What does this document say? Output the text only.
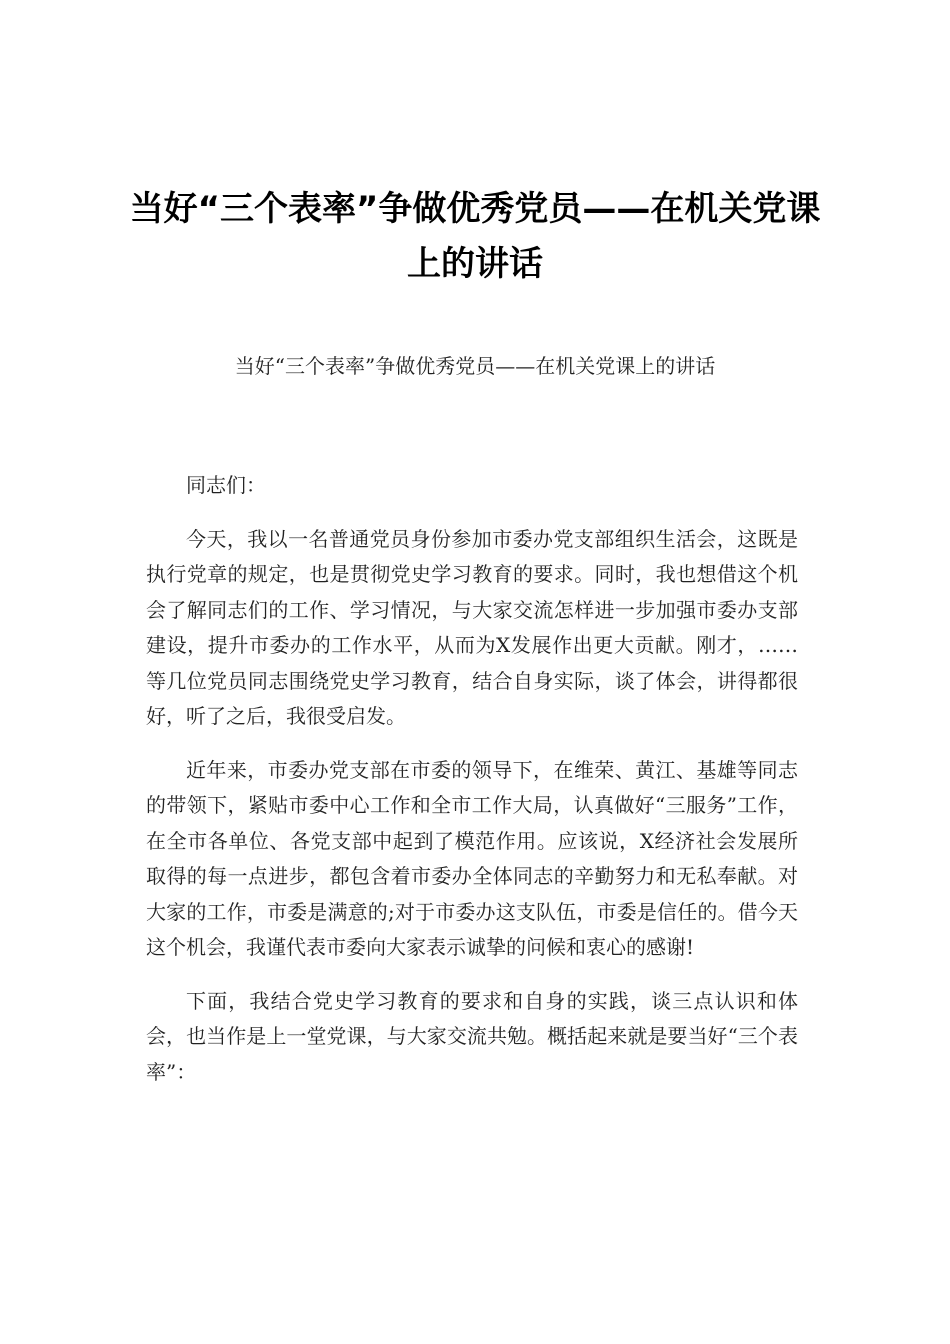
当好“三个表率”争做优秀党员——在机关党课上的讲话
当好“三个表率”争做优秀党员——在机关党课上的讲话

同志们：

今天，我以一名普通党员身份参加市委办党支部组织生活会，这既是执行党章的规定，也是贯彻党史学习教育的要求。同时，我也想借这个机会了解同志们的工作、学习情况，与大家交流怎样进一步加强市委办支部建设，提升市委办的工作水平，从而为X发展作出更大贡献。刚才，……等几位党员同志围绕党史学习教育，结合自身实际，谈了体会，讲得都很好，听了之后，我很受启发。

近年来，市委办党支部在市委的领导下，在维荣、黄江、基雄等同志的带领下，紧贴市委中心工作和全市工作大局，认真做好“三服务”工作，在全市各单位、各党支部中起到了模范作用。应该说，X经济社会发展所取得的每一点进步，都包含着市委办全体同志的辛勤努力和无私奉献。对大家的工作，市委是满意的;对于市委办这支队伍，市委是信任的。借今天这个机会，我谨代表市委向大家表示诚挚的问候和衷心的感谢!

下面，我结合党史学习教育的要求和自身的实践，谈三点认识和体会，也当作是上一堂党课，与大家交流共勉。概括起来就是要当好“三个表率”：
